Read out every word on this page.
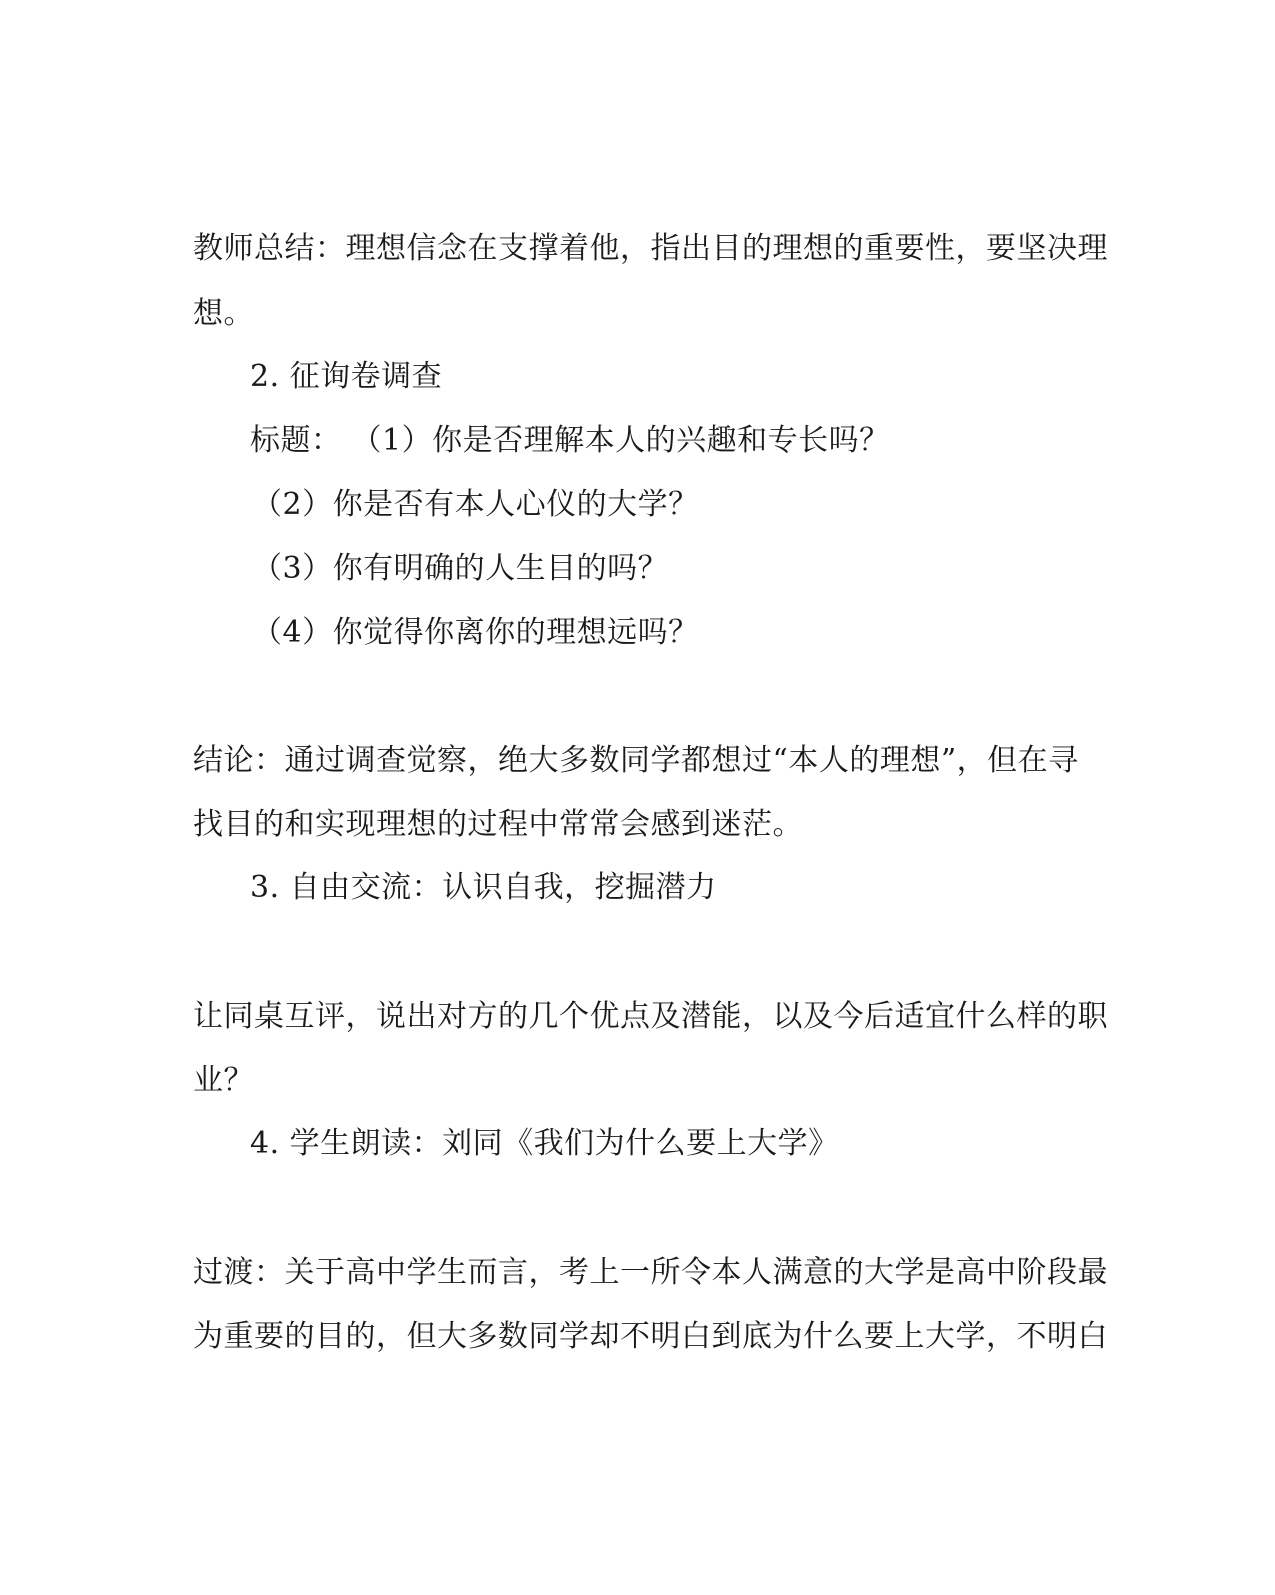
教师总结：理想信念在支撑着他，指出目的理想的重要性，要坚决理
想。
2. 征询卷调查
标题： （1）你是否理解本人的兴趣和专长吗？
（2）你是否有本人心仪的大学？
（3）你有明确的人生目的吗？
（4）你觉得你离你的理想远吗？
结论：通过调查觉察，绝大多数同学都想过“本人的理想”，但在寻
找目的和实现理想的过程中常常会感到迷茫。
3. 自由交流：认识自我，挖掘潜力
让同桌互评，说出对方的几个优点及潜能，以及今后适宜什么样的职
业？
4. 学生朗读：刘同《我们为什么要上大学》
过渡：关于高中学生而言，考上一所令本人满意的大学是高中阶段最
为重要的目的，但大多数同学却不明白到底为什么要上大学，不明白
